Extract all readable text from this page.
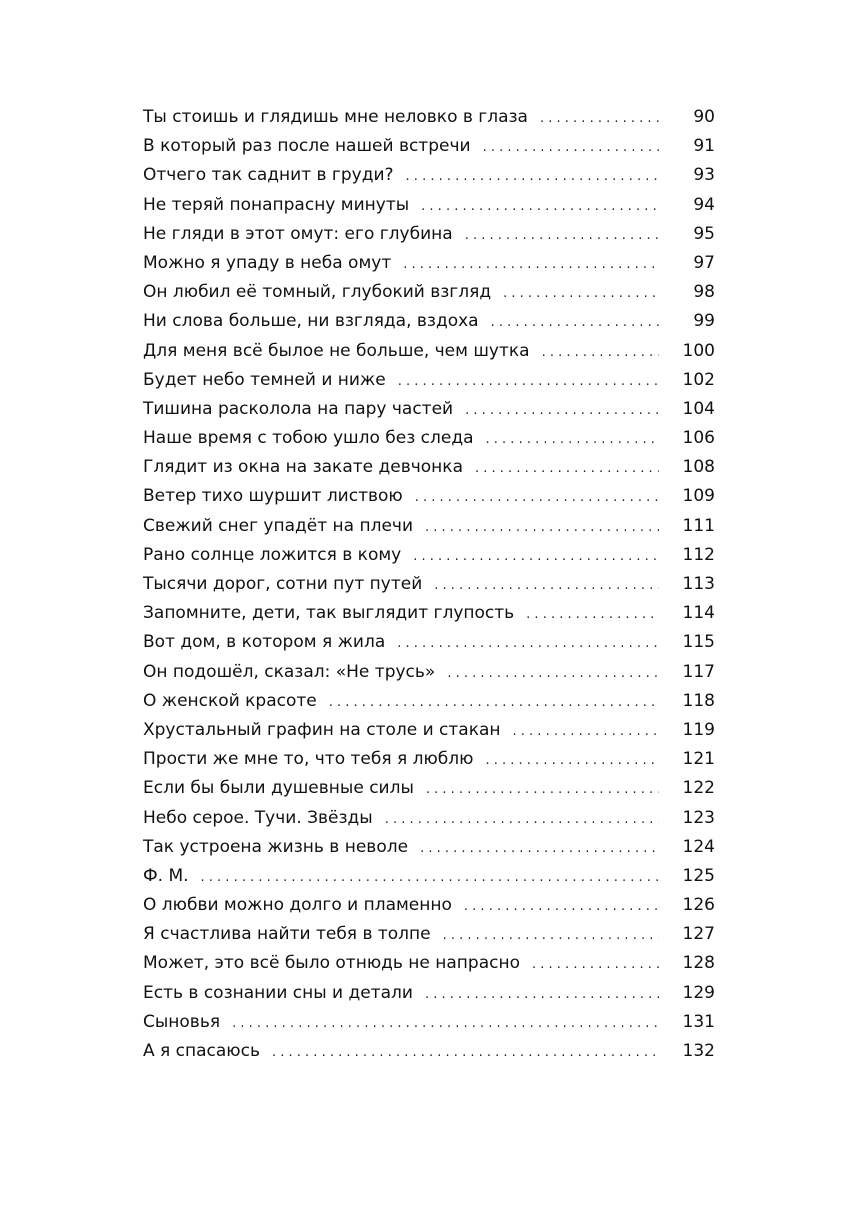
Ты стоишь и глядишь мне неловко в глаза . . .	90
В который раз после нашей встречи . . .	91
Отчего так саднит в груди? . . .	93
Не теряй понапрасну минуты . . .	94
Не гляди в этот омут: его глубина . . .	95
Можно я упаду в неба омут . . .	97
Он любил её томный, глубокий взгляд . . .	98
Ни слова больше, ни взгляда, вздоха . . .	99
Для меня всё былое не больше, чем шутка . . .	100
Будет небо темней и ниже . . .	102
Тишина расколола на пару частей . . .	104
Наше время с тобою ушло без следа . . .	106
Глядит из окна на закате девчонка . . .	108
Ветер тихо шуршит листвою . . .	109
Свежий снег упадёт на плечи . . .	111
Рано солнце ложится в кому . . .	112
Тысячи дорог, сотни пут путей . . .	113
Запомните, дети, так выглядит глупость . . .	114
Вот дом, в котором я жила . . .	115
Он подошёл, сказал: «Не трусь» . . .	117
О женской красоте . . .	118
Хрустальный графин на столе и стакан . . .	119
Прости же мне то, что тебя я люблю . . .	121
Если бы были душевные силы . . .	122
Небо серое. Тучи. Звёзды . . .	123
Так устроена жизнь в неволе . . .	124
Ф. М. . . .	125
О любви можно долго и пламенно . . .	126
Я счастлива найти тебя в толпе . . .	127
Может, это всё было отнюдь не напрасно . . .	128
Есть в сознании сны и детали . . .	129
Сыновья . . .	131
А я спасаюсь . . .	132
